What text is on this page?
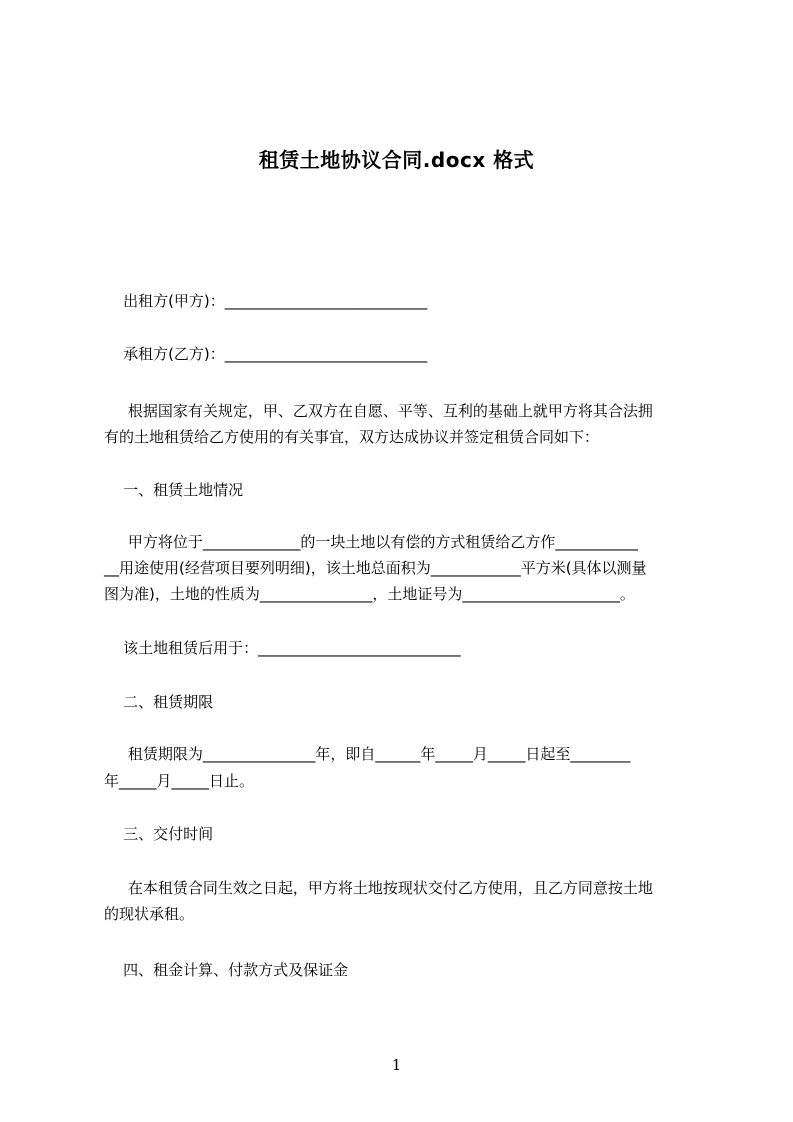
租赁土地协议合同.docx 格式
出租方(甲方)：___________________________
承租方(乙方)：___________________________
根据国家有关规定，甲、乙双方在自愿、平等、互利的基础上就甲方将其合法拥
有的土地租赁给乙方使用的有关事宜，双方达成协议并签定租赁合同如下：
一、租赁土地情况
甲方将位于_____________的一块土地以有偿的方式租赁给乙方作___________
__用途使用(经营项目要列明细)，该土地总面积为____________平方米(具体以测量
图为准)，土地的性质为_______________，土地证号为_____________________。
该土地租赁后用于：___________________________
二、租赁期限
租赁期限为_______________年，即自______年_____月_____日起至________
年_____月_____日止。
三、交付时间
在本租赁合同生效之日起，甲方将土地按现状交付乙方使用，且乙方同意按土地
的现状承租。
四、租金计算、付款方式及保证金
1
